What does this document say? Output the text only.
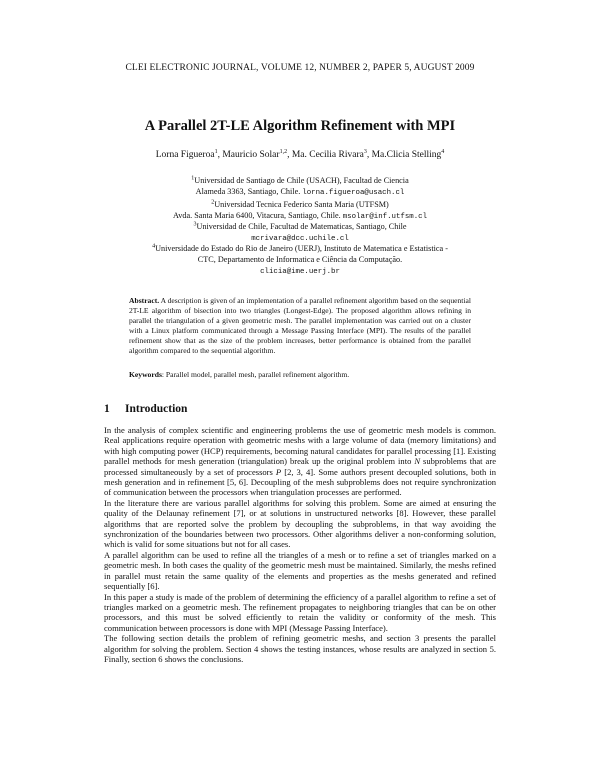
CLEI ELECTRONIC JOURNAL, VOLUME 12, NUMBER 2, PAPER 5, AUGUST 2009
A Parallel 2T-LE Algorithm Refinement with MPI
Lorna Figueroa$^1$, Mauricio Solar$^{1,2}$, Ma. Cecilia Rivara$^3$, Ma.Clicia Stelling$^4$
$^1$Universidad de Santiago de Chile (USACH), Facultad de Ciencia
Alameda 3363, Santiago, Chile. lorna.figueroa@usach.cl
$^2$Universidad Tecnica Federico Santa Maria (UTFSM)
Avda. Santa Maria 6400, Vitacura, Santiago, Chile. msolar@inf.utfsm.cl
$^3$Universidad de Chile, Facultad de Matematicas, Santiago, Chile
mcrivara@dcc.uchile.cl
$^4$Universidade do Estado do Rio de Janeiro (UERJ), Instituto de Matematica e Estatistica -
CTC, Departamento de Informatica e Ciência da Computação.
clicia@ime.uerj.br
Abstract. A description is given of an implementation of a parallel refinement algorithm based on the sequential 2T-LE algorithm of bisection into two triangles (Longest-Edge). The proposed algorithm allows refining in parallel the triangulation of a given geometric mesh. The parallel implementation was carried out on a cluster with a Linux platform communicated through a Message Passing Interface (MPI). The results of the parallel refinement show that as the size of the problem increases, better performance is obtained from the parallel algorithm compared to the sequential algorithm.
Keywords: Parallel model, parallel mesh, parallel refinement algorithm.
1 Introduction

In the analysis of complex scientific and engineering problems the use of geometric mesh models is common. Real applications require operation with geometric meshs with a large volume of data (memory limitations) and with high computing power (HCP) requirements, becoming natural candidates for parallel processing [1]. Existing parallel methods for mesh generation (triangulation) break up the original problem into N subproblems that are processed simultaneously by a set of processors P [2, 3, 4]. Some authors present decoupled solutions, both in mesh generation and in refinement [5, 6]. Decoupling of the mesh subproblems does not require synchronization of communication between the processors when triangulation processes are performed.

In the literature there are various parallel algorithms for solving this problem. Some are aimed at ensuring the quality of the Delaunay refinement [7], or at solutions in unstructured networks [8]. However, these parallel algorithms that are reported solve the problem by decoupling the subproblems, in that way avoiding the synchronization of the boundaries between two processors. Other algorithms deliver a non-conforming solution, which is valid for some situations but not for all cases.

A parallel algorithm can be used to refine all the triangles of a mesh or to refine a set of triangles marked on a geometric mesh. In both cases the quality of the geometric mesh must be maintained. Similarly, the meshs refined in parallel must retain the same quality of the elements and properties as the meshs generated and refined sequentially [6].

In this paper a study is made of the problem of determining the efficiency of a parallel algorithm to refine a set of triangles marked on a geometric mesh. The refinement propagates to neighboring triangles that can be on other processors, and this must be solved efficiently to retain the validity or conformity of the mesh. This communication between processors is done with MPI (Message Passing Interface).

The following section details the problem of refining geometric meshs, and section 3 presents the parallel algorithm for solving the problem. Section 4 shows the testing instances, whose results are analyzed in section 5. Finally, section 6 shows the conclusions.
